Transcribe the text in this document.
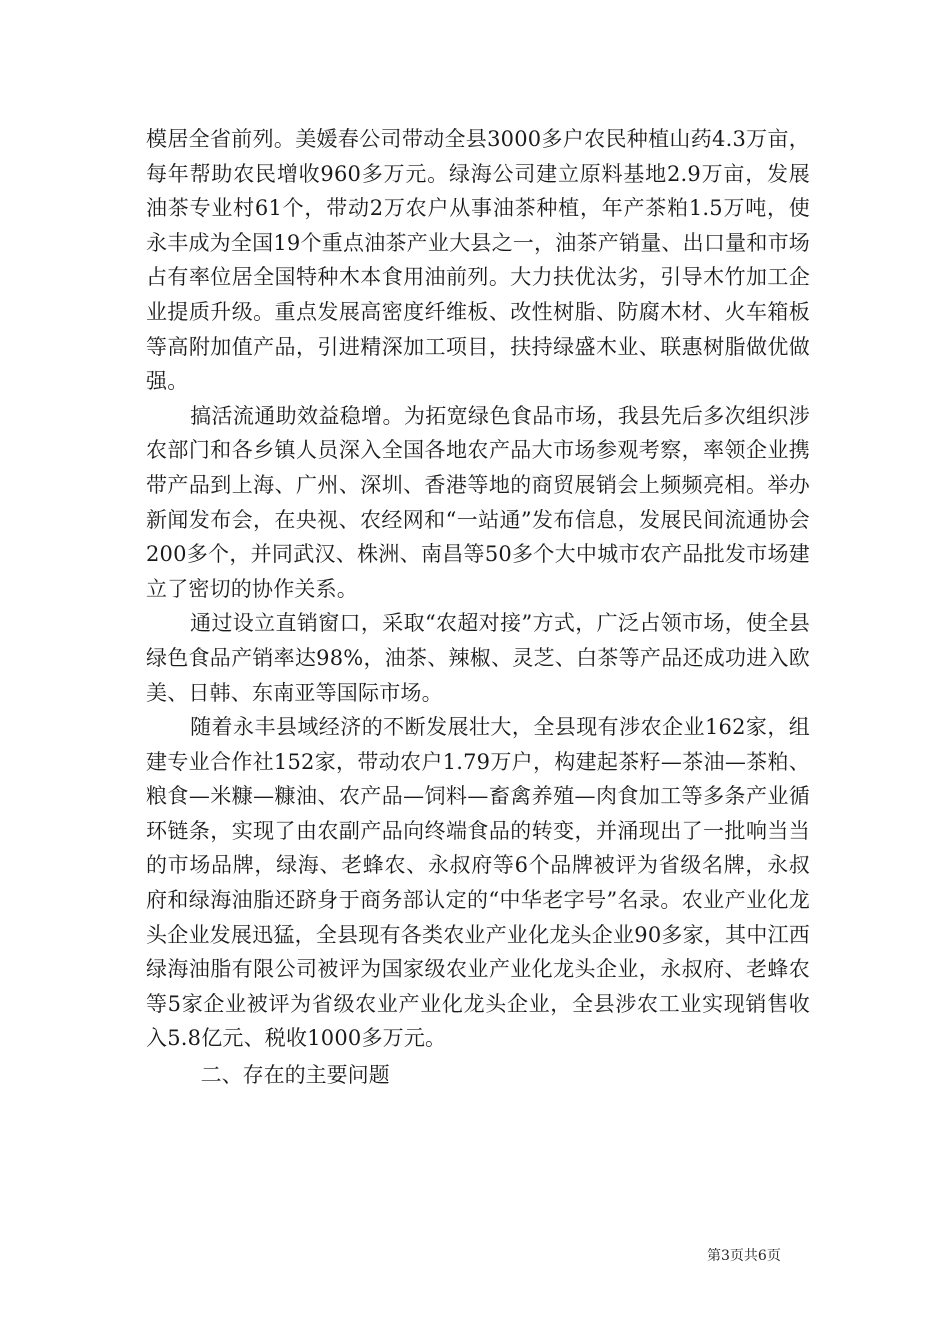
模居全省前列。美媛春公司带动全县3000多户农民种植山药4.3万亩，每年帮助农民增收960多万元。绿海公司建立原料基地2.9万亩，发展油茶专业村61个，带动2万农户从事油茶种植，年产茶粕1.5万吨，使永丰成为全国19个重点油茶产业大县之一，油茶产销量、出口量和市场占有率位居全国特种木本食用油前列。大力扶优汰劣，引导木竹加工企业提质升级。重点发展高密度纤维板、改性树脂、防腐木材、火车箱板等高附加值产品，引进精深加工项目，扶持绿盛木业、联惠树脂做优做强。

搞活流通助效益稳增。为拓宽绿色食品市场，我县先后多次组织涉农部门和各乡镇人员深入全国各地农产品大市场参观考察，率领企业携带产品到上海、广州、深圳、香港等地的商贸展销会上频频亮相。举办新闻发布会，在央视、农经网和“一站通”发布信息，发展民间流通协会200多个，并同武汉、株洲、南昌等50多个大中城市农产品批发市场建立了密切的协作关系。

通过设立直销窗口，采取“农超对接”方式，广泛占领市场，使全县绿色食品产销率达98%，油茶、辣椒、灵芝、白茶等产品还成功进入欧美、日韩、东南亚等国际市场。

随着永丰县域经济的不断发展壮大，全县现有涉农企业162家，组建专业合作社152家，带动农户1.79万户，构建起茶籽—茶油—茶粕、粮食—米糠—糠油、农产品—饲料—畜禽养殖—肉食加工等多条产业循环链条，实现了由农副产品向终端食品的转变，并涌现出了一批响当当的市场品牌，绿海、老蜂农、永叔府等6个品牌被评为省级名牌，永叔府和绿海油脂还跻身于商务部认定的“中华老字号”名录。农业产业化龙头企业发展迅猛，全县现有各类农业产业化龙头企业90多家，其中江西绿海油脂有限公司被评为国家级农业产业化龙头企业，永叔府、老蜂农等5家企业被评为省级农业产业化龙头企业，全县涉农工业实现销售收入5.8亿元、税收1000多万元。

二、存在的主要问题

第3页共6页
